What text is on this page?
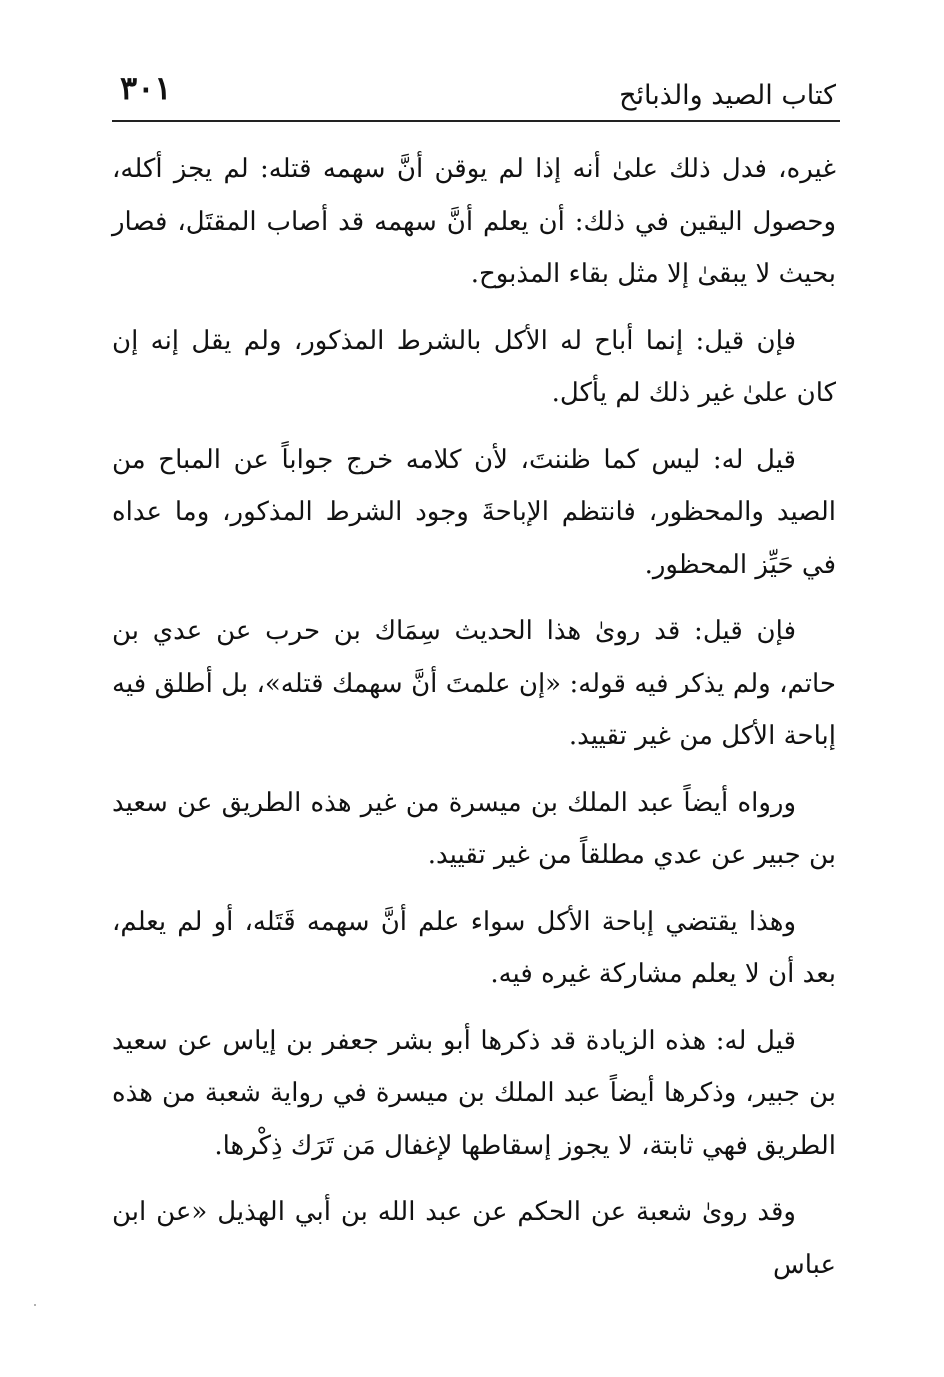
كتاب الصيد والذبائح
٣٠١

غيره، فدل ذلك علىٰ أنه إذا لم يوقن أنَّ سهمه قتله: لم يجز أكله، وحصول اليقين في ذلك: أن يعلم أنَّ سهمه قد أصاب المقتَل، فصار بحيث لا يبقىٰ إلا مثل بقاء المذبوح.

فإن قيل: إنما أباح له الأكل بالشرط المذكور، ولم يقل إنه إن كان علىٰ غير ذلك لم يأكل.

قيل له: ليس كما ظننتَ، لأن كلامه خرج جواباً عن المباح من الصيد والمحظور، فانتظم الإباحةَ وجود الشرط المذكور، وما عداه في حَيِّز المحظور.

فإن قيل: قد روىٰ هذا الحديث سِمَاك بن حرب عن عدي بن حاتم، ولم يذكر فيه قوله: «إن علمتَ أنَّ سهمك قتله»، بل أطلق فيه إباحة الأكل من غير تقييد.

ورواه أيضاً عبد الملك بن ميسرة من غير هذه الطريق عن سعيد بن جبير عن عدي مطلقاً من غير تقييد.

وهذا يقتضي إباحة الأكل سواء علم أنَّ سهمه قَتَله، أو لم يعلم، بعد أن لا يعلم مشاركة غيره فيه.

قيل له: هذه الزيادة قد ذكرها أبو بشر جعفر بن إياس عن سعيد بن جبير، وذكرها أيضاً عبد الملك بن ميسرة في رواية شعبة من هذه الطريق فهي ثابتة، لا يجوز إسقاطها لإغفال مَن تَرَك ذِكْرها.

وقد روىٰ شعبة عن الحكم عن عبد الله بن أبي الهذيل «عن ابن عباس
